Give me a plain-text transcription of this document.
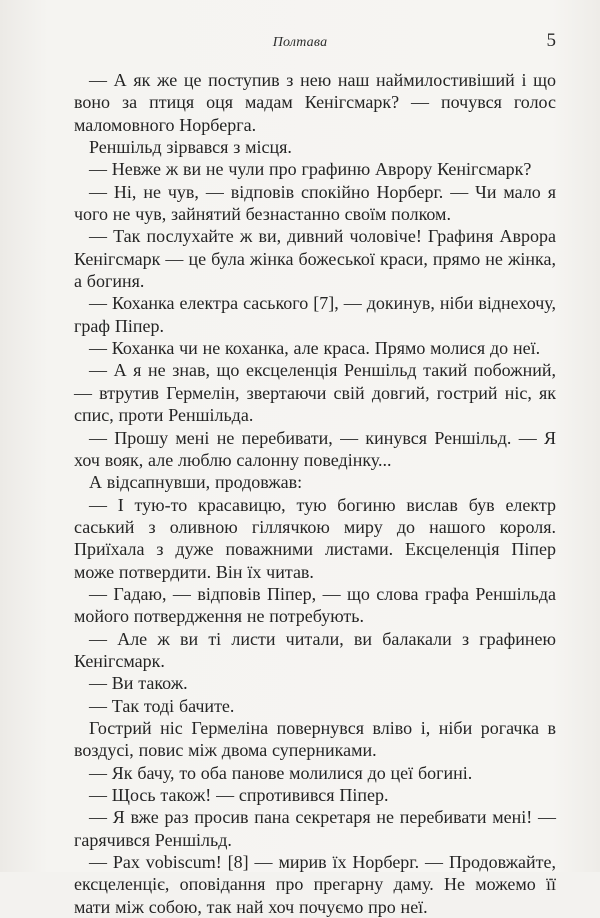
Полтава	5

— А як же це поступив з нею наш наймилостивіший і що воно за птиця оця мадам Кенігсмарк? — почувся голос маломовного Норберга.

Реншільд зірвався з місця.

— Невже ж ви не чули про графиню Аврору Кенігсмарк?

— Ні, не чув, — відповів спокійно Норберг. — Чи мало я чого не чув, зайнятий безнастанно своїм полком.

— Так послухайте ж ви, дивний чоловіче! Графиня Аврора Кенігсмарк — це була жінка божеської краси, прямо не жінка, а богиня.

— Коханка електра саського [7], — докинув, ніби віднехочу, граф Піпер.

— Коханка чи не коханка, але краса. Прямо молися до неї.

— А я не знав, що ексцеленція Реншільд такий побожний, — втрутив Гермелін, звертаючи свій довгий, гострий ніс, як спис, проти Реншільда.

— Прошу мені не перебивати, — кинувся Реншільд. — Я хоч вояк, але люблю салонну поведінку...

А відсапнувши, продовжав:

— І тую-то красавицю, тую богиню вислав був електр саський з оливною гіллячкою миру до нашого короля. Приїхала з дуже поважними листами. Ексцеленція Піпер може потвердити. Він їх читав.

— Гадаю, — відповів Піпер, — що слова графа Реншільда мойого потвердження не потребують.

— Але ж ви ті листи читали, ви балакали з графинею Кенігсмарк.

— Ви також.

— Так тоді бачите.

Гострий ніс Гермеліна повернувся вліво і, ніби рогачка в воздусі, повис між двома суперниками.

— Як бачу, то оба панове молилися до цеї богині.

— Щось також! — спротивився Піпер.

— Я вже раз просив пана секретаря не перебивати мені! — гарячився Реншільд.

— Pax vobiscum! [8] — мирив їх Норберг. — Продовжайте, ексцеленціє, оповідання про прегарну даму. Не можемо її мати між собою, так най хоч почуємо про неї.
